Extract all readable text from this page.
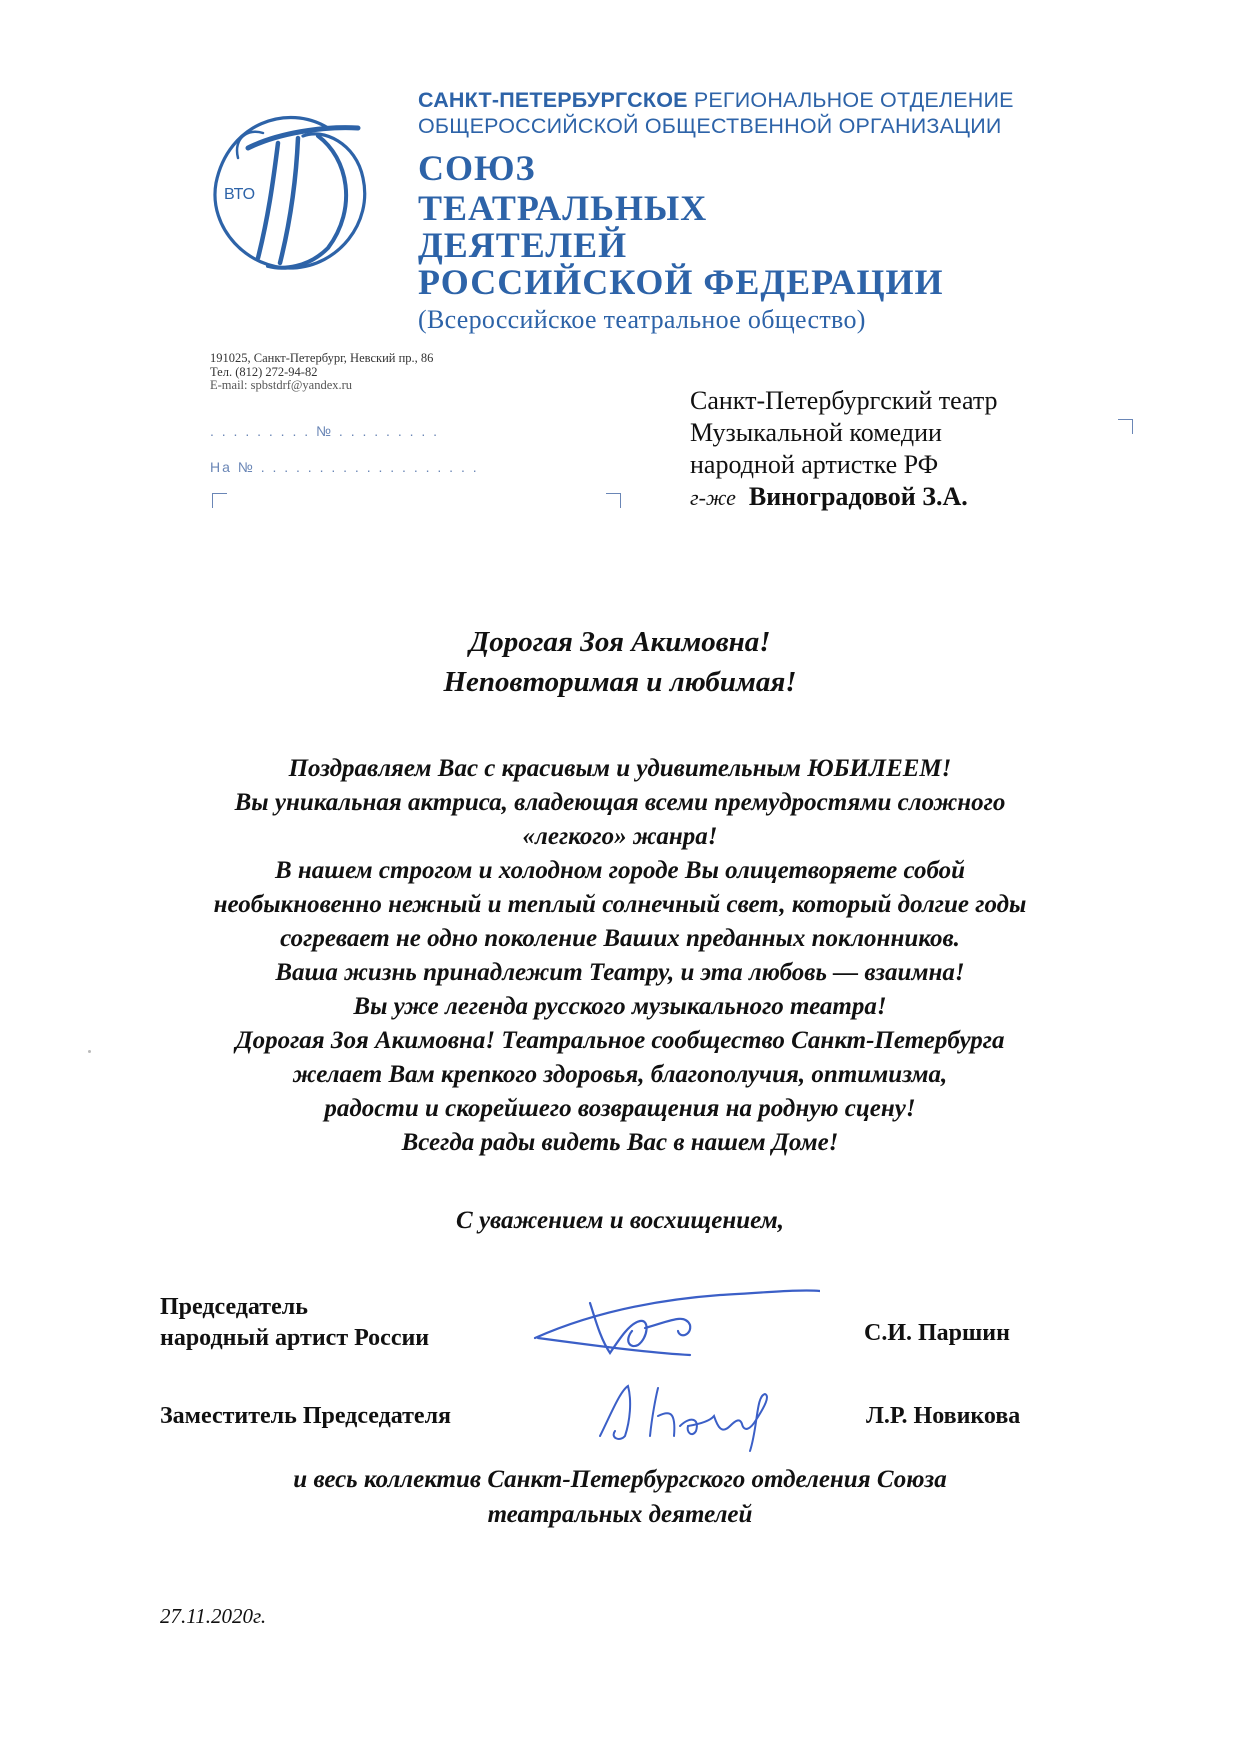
ВТО
САНКТ-ПЕТЕРБУРГСКОЕ РЕГИОНАЛЬНОЕ ОТДЕЛЕНИЕ
ОБЩЕРОССИЙСКОЙ ОБЩЕСТВЕННОЙ ОРГАНИЗАЦИИ
СОЮЗ
ТЕАТРАЛЬНЫХ
ДЕЯТЕЛЕЙ
РОССИЙСКОЙ ФЕДЕРАЦИИ
(Всероссийское театральное общество)
191025, Санкт-Петербург, Невский пр., 86
Тел. (812) 272-94-82
E-mail: spbstdrf@yandex.ru
. . . . . . . . . № . . . . . . . . .
На № . . . . . . . . . . . . . . . . . . .
Санкт-Петербургский театр
Музыкальной комедии
народной артистке РФ
г-же Виноградовой З.А.
Дорогая Зоя Акимовна!
Неповторимая и любимая!
Поздравляем Вас с красивым и удивительным ЮБИЛЕЕМ!
Вы уникальная актриса, владеющая всеми премудростями сложного
«легкого» жанра!
В нашем строгом и холодном городе Вы олицетворяете собой
необыкновенно нежный и теплый солнечный свет, который долгие годы
согревает не одно поколение Ваших преданных поклонников.
Ваша жизнь принадлежит Театру, и эта любовь — взаимна!
Вы уже легенда русского музыкального театра!
Дорогая Зоя Акимовна! Театральное сообщество Санкт-Петербурга
желает Вам крепкого здоровья, благополучия, оптимизма,
радости и скорейшего возвращения на родную сцену!
Всегда рады видеть Вас в нашем Доме!
С уважением и восхищением,
Председатель
народный артист России	С.И. Паршин
Заместитель Председателя	Л.Р. Новикова
и весь коллектив Санкт-Петербургского отделения Союза
театральных деятелей
27.11.2020г.
